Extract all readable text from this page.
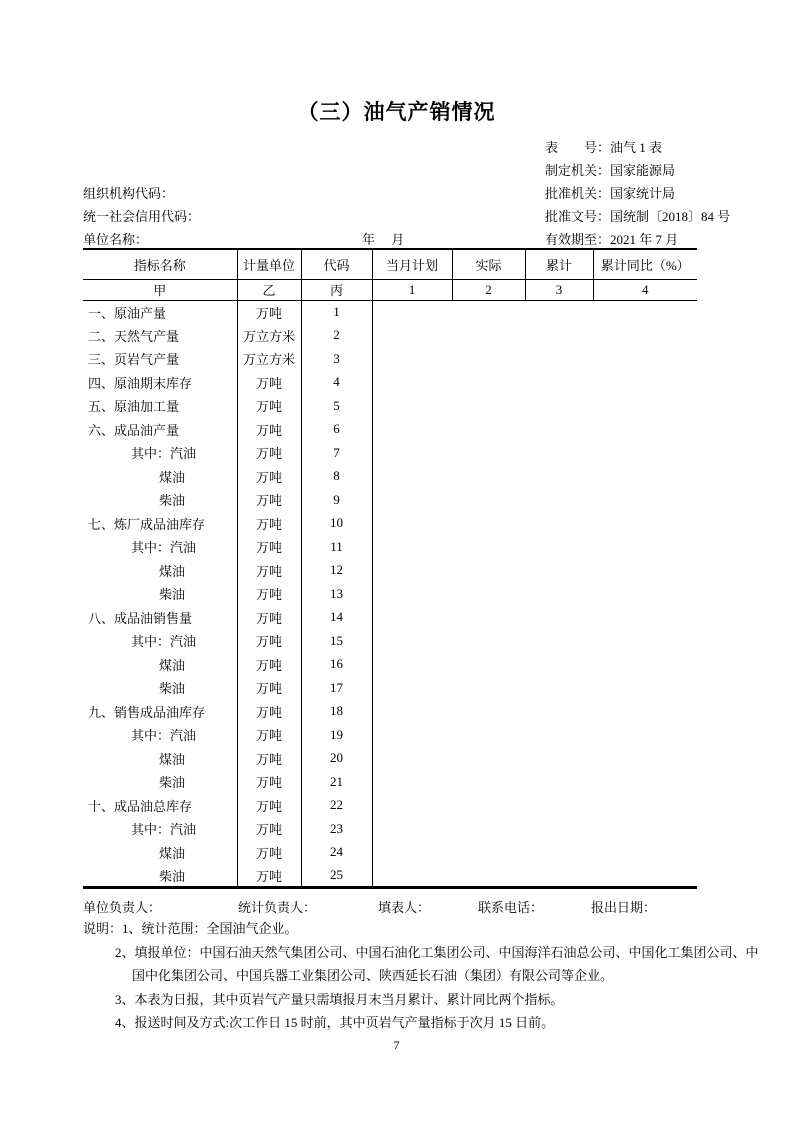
（三）油气产销情况
表　　号：油气 1 表
制定机关：国家能源局
批准机关：国家统计局
批准文号：国统制〔2018〕84 号
有效期至：2021 年 7 月
组织机构代码：
统一社会信用代码：
单位名称：	年　 月
指标名称	计量单位	代码	当月计划	实际	累计	累计同比（%）
甲	乙	丙	1	2	3	4
一、原油产量	万吨	1				
二、天然气产量	万立方米	2				
三、页岩气产量	万立方米	3				
四、原油期末库存	万吨	4				
五、原油加工量	万吨	5				
六、成品油产量	万吨	6				
其中：汽油	万吨	7				
煤油	万吨	8				
柴油	万吨	9				
七、炼厂成品油库存	万吨	10				
其中：汽油	万吨	11				
煤油	万吨	12				
柴油	万吨	13				
八、成品油销售量	万吨	14				
其中：汽油	万吨	15				
煤油	万吨	16				
柴油	万吨	17				
九、销售成品油库存	万吨	18				
其中：汽油	万吨	19				
煤油	万吨	20				
柴油	万吨	21				
十、成品油总库存	万吨	22				
其中：汽油	万吨	23				
煤油	万吨	24				
柴油	万吨	25				
单位负责人：	统计负责人：	填表人：	联系电话：	报出日期：
说明：1、统计范围：全国油气企业。
2、填报单位：中国石油天然气集团公司、中国石油化工集团公司、中国海洋石油总公司、中国化工集团公司、中
国中化集团公司、中国兵器工业集团公司、陕西延长石油（集团）有限公司等企业。
3、本表为日报，其中页岩气产量只需填报月末当月累计、累计同比两个指标。
4、报送时间及方式:次工作日 15 时前，其中页岩气产量指标于次月 15 日前。
7
